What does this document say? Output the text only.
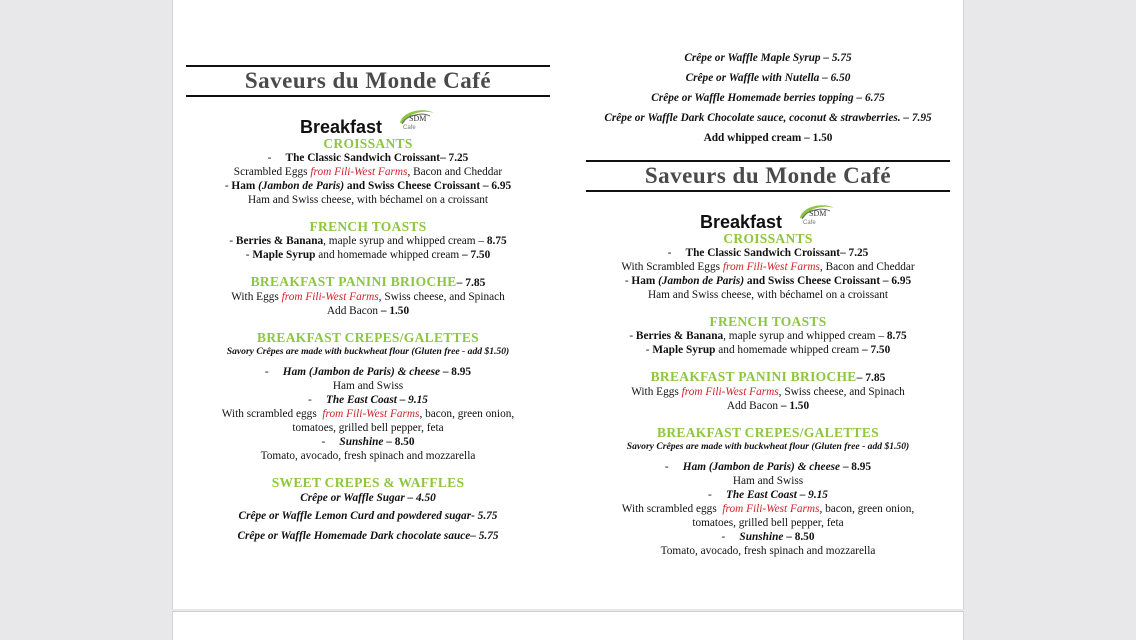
Saveurs du Monde Café
Breakfast	SDM
Cafe
CROISSANTS
-     The Classic Sandwich Croissant– 7.25
Scrambled Eggs from Fili-West Farms, Bacon and Cheddar
- Ham (Jambon de Paris) and Swiss Cheese Croissant – 6.95
Ham and Swiss cheese, with béchamel on a croissant
FRENCH TOASTS
- Berries & Banana, maple syrup and whipped cream – 8.75
- Maple Syrup and homemade whipped cream – 7.50
BREAKFAST PANINI BRIOCHE– 7.85
With Eggs from Fili-West Farms, Swiss cheese, and Spinach
Add Bacon – 1.50
BREAKFAST CREPES/GALETTES
Savory Crêpes are made with buckwheat flour (Gluten free - add $1.50)
-     Ham (Jambon de Paris) & cheese – 8.95
Ham and Swiss
-     The East Coast – 9.15
With scrambled eggs from Fili-West Farms, bacon, green onion,
tomatoes, grilled bell pepper, feta
-     Sunshine – 8.50
Tomato, avocado, fresh spinach and mozzarella
SWEET CREPES & WAFFLES
Crêpe or Waffle Sugar – 4.50
Crêpe or Waffle Lemon Curd and powdered sugar- 5.75
Crêpe or Waffle Homemade Dark chocolate sauce– 5.75
Crêpe or Waffle Maple Syrup – 5.75
Crêpe or Waffle with Nutella – 6.50
Crêpe or Waffle Homemade berries topping – 6.75
Crêpe or Waffle Dark Chocolate sauce, coconut & strawberries. – 7.95
Add whipped cream – 1.50
Saveurs du Monde Café
Breakfast	SDM
Cafe
CROISSANTS
-     The Classic Sandwich Croissant– 7.25
With Scrambled Eggs from Fili-West Farms, Bacon and Cheddar
- Ham (Jambon de Paris) and Swiss Cheese Croissant – 6.95
Ham and Swiss cheese, with béchamel on a croissant
FRENCH TOASTS
- Berries & Banana, maple syrup and whipped cream – 8.75
- Maple Syrup and homemade whipped cream – 7.50
BREAKFAST PANINI BRIOCHE– 7.85
With Eggs from Fili-West Farms, Swiss cheese, and Spinach
Add Bacon – 1.50
BREAKFAST CREPES/GALETTES
Savory Crêpes are made with buckwheat flour (Gluten free - add $1.50)
-     Ham (Jambon de Paris) & cheese – 8.95
Ham and Swiss
-     The East Coast – 9.15
With scrambled eggs from Fili-West Farms, bacon, green onion,
tomatoes, grilled bell pepper, feta
-     Sunshine – 8.50
Tomato, avocado, fresh spinach and mozzarella
